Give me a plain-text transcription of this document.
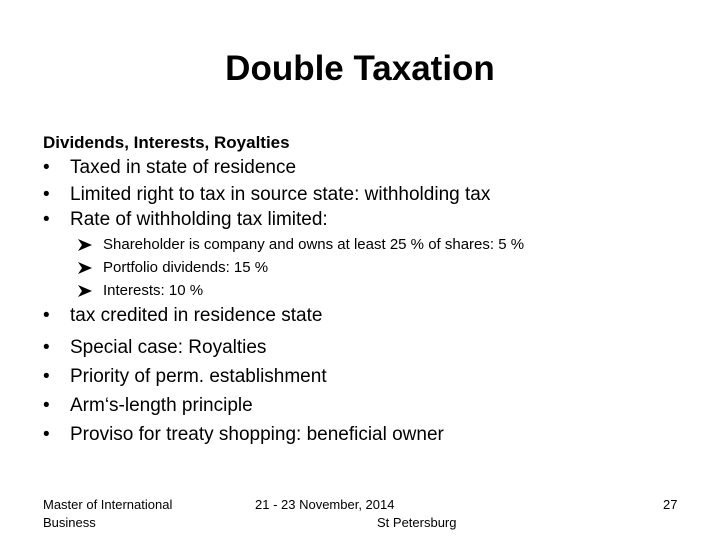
Double Taxation
Dividends, Interests, Royalties
• Taxed in state of residence
• Limited right to tax in source state: withholding tax
• Rate of withholding tax limited:
Shareholder is company and owns at least 25 % of shares: 5 %
Portfolio dividends: 15 %
Interests: 10 %
• tax credited in residence state
• Special case: Royalties
• Priority of perm. establishment
• Arm‘s-length principle
• Proviso for treaty shopping: beneficial owner
Master of International
Business
21 - 23 November, 2014
St Petersburg
27
